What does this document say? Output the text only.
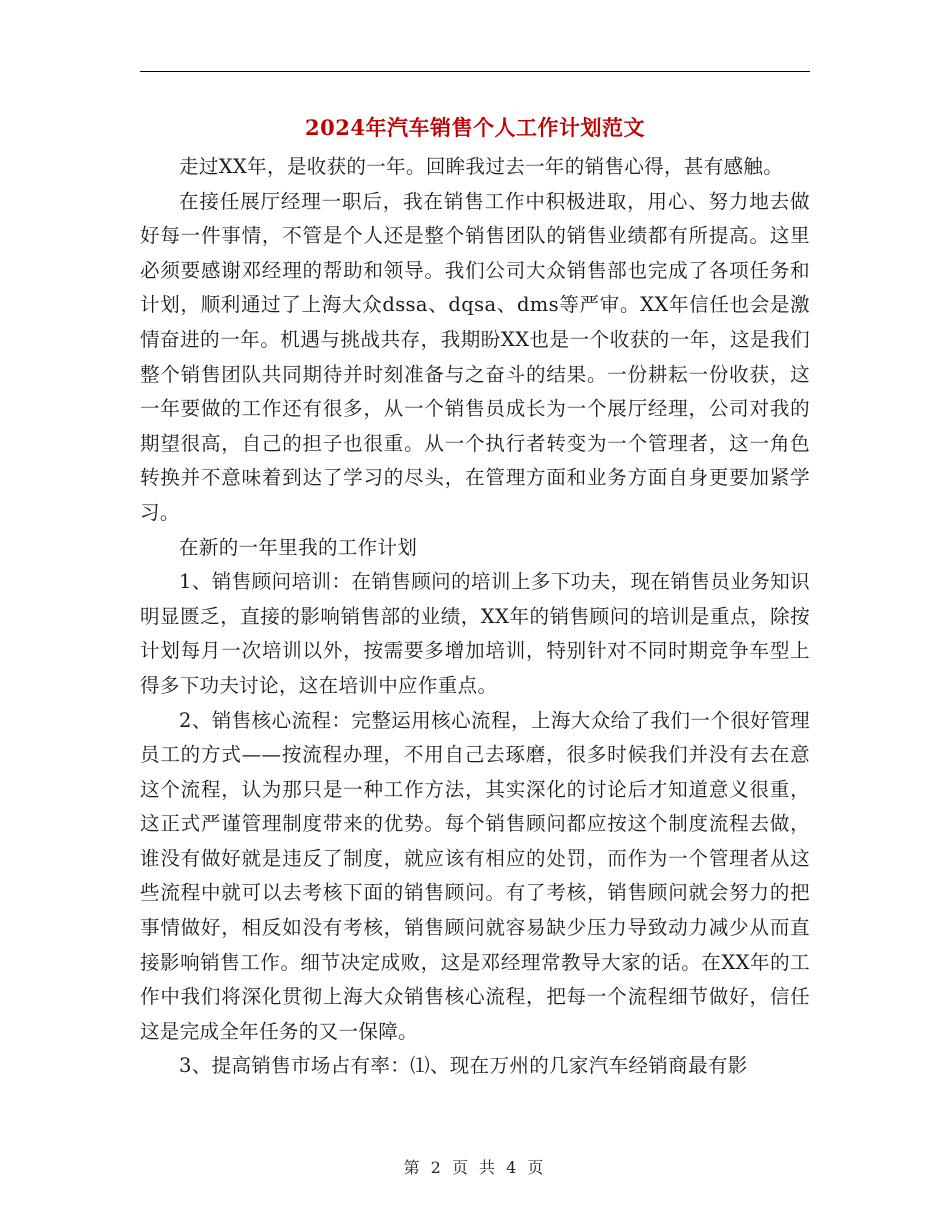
2024年汽车销售个人工作计划范文

走过XX年，是收获的一年。回眸我过去一年的销售心得，甚有感触。

在接任展厅经理一职后，我在销售工作中积极进取，用心、努力地去做好每一件事情，不管是个人还是整个销售团队的销售业绩都有所提高。这里必须要感谢邓经理的帮助和领导。我们公司大众销售部也完成了各项任务和计划，顺利通过了上海大众dssa、dqsa、dms等严审。XX年信任也会是激情奋进的一年。机遇与挑战共存，我期盼XX也是一个收获的一年，这是我们整个销售团队共同期待并时刻准备与之奋斗的结果。一份耕耘一份收获，这一年要做的工作还有很多，从一个销售员成长为一个展厅经理，公司对我的期望很高，自己的担子也很重。从一个执行者转变为一个管理者，这一角色转换并不意味着到达了学习的尽头，在管理方面和业务方面自身更要加紧学习。

在新的一年里我的工作计划

1、销售顾问培训：在销售顾问的培训上多下功夫，现在销售员业务知识明显匮乏，直接的影响销售部的业绩，XX年的销售顾问的培训是重点，除按计划每月一次培训以外，按需要多增加培训，特别针对不同时期竞争车型上得多下功夫讨论，这在培训中应作重点。

2、销售核心流程：完整运用核心流程，上海大众给了我们一个很好管理员工的方式——按流程办理，不用自己去琢磨，很多时候我们并没有去在意这个流程，认为那只是一种工作方法，其实深化的讨论后才知道意义很重，这正式严谨管理制度带来的优势。每个销售顾问都应按这个制度流程去做，谁没有做好就是违反了制度，就应该有相应的处罚，而作为一个管理者从这些流程中就可以去考核下面的销售顾问。有了考核，销售顾问就会努力的把事情做好，相反如没有考核，销售顾问就容易缺少压力导致动力减少从而直接影响销售工作。细节决定成败，这是邓经理常教导大家的话。在XX年的工作中我们将深化贯彻上海大众销售核心流程，把每一个流程细节做好，信任这是完成全年任务的又一保障。

3、提高销售市场占有率：⑴、现在万州的几家汽车经销商最有影

第 2 页 共 4 页
